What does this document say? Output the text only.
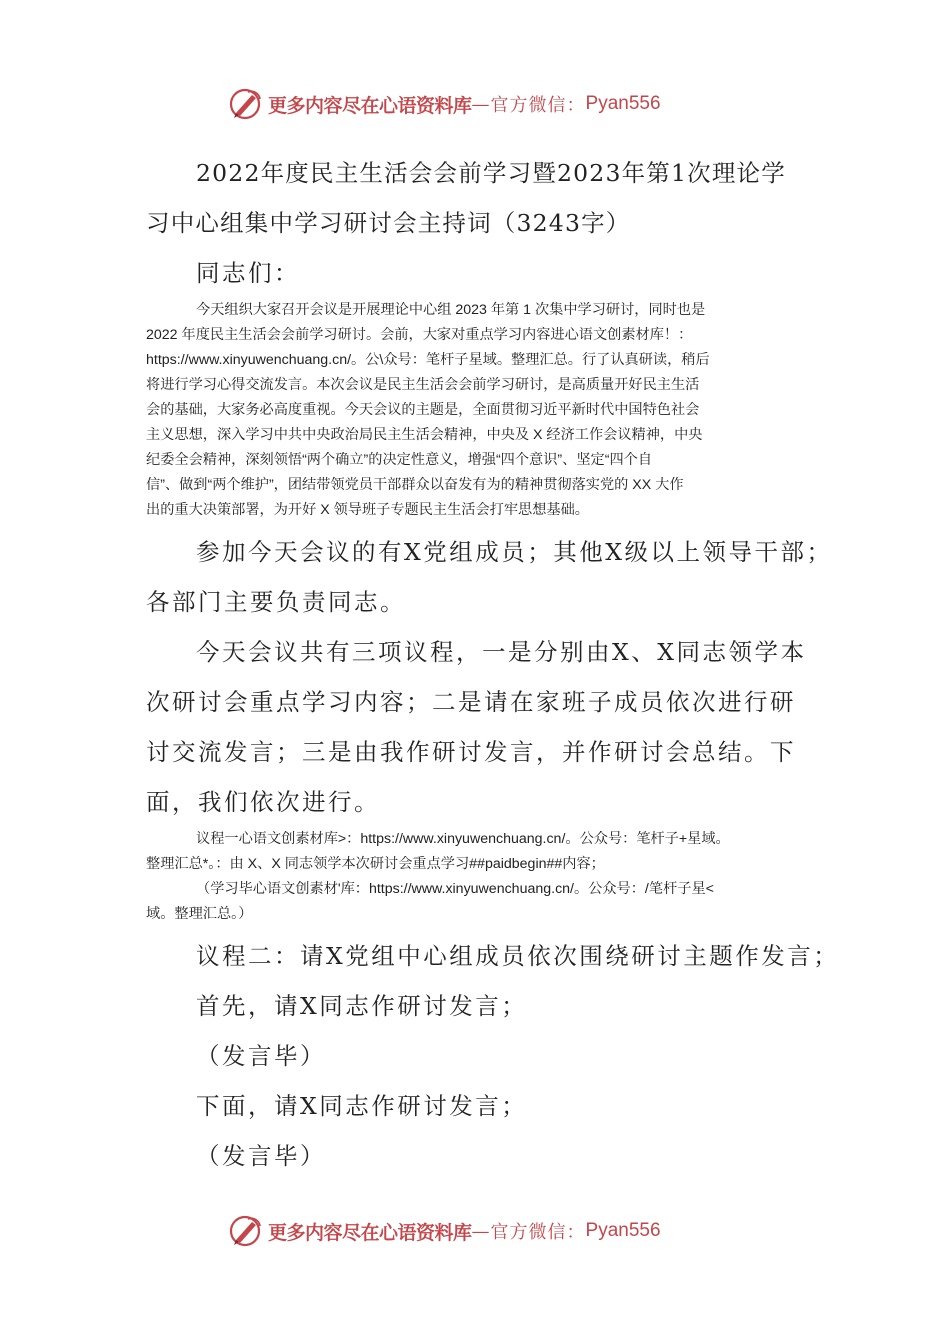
更多内容尽在心语资料库 — 官方微信： Pyan556

2022年度民主生活会会前学习暨2023年第1次理论学

习中心组集中学习研讨会主持词（3243字）

同志们：

今天组织大家召开会议是开展理论中心组 2023 年第 1 次集中学习研讨，同时也是

2022 年度民主生活会会前学习研讨。会前，大家对重点学习内容进心语文创素材库！：

https://www.xinyuwenchuang.cn/。公\众号：笔杆子星域。整理汇总。行了认真研读，稍后

将进行学习心得交流发言。本次会议是民主生活会会前学习研讨，是高质量开好民主生活

会的基础，大家务必高度重视。今天会议的主题是，全面贯彻习近平新时代中国特色社会

主义思想，深入学习中共中央政治局民主生活会精神，中央及 X 经济工作会议精神，中央

纪委全会精神，深刻领悟“两个确立”的决定性意义，增强“四个意识”、坚定“四个自

信”、做到“两个维护”，团结带领党员干部群众以奋发有为的精神贯彻落实党的 XX 大作

出的重大决策部署，为开好 X 领导班子专题民主生活会打牢思想基础。

参加今天会议的有X党组成员；其他X级以上领导干部；

各部门主要负责同志。

今天会议共有三项议程，一是分别由X、X同志领学本

次研讨会重点学习内容；二是请在家班子成员依次进行研

讨交流发言；三是由我作研讨发言，并作研讨会总结。下

面，我们依次进行。

议程一心语文创素材库>：https://www.xinyuwenchuang.cn/。公众号：笔杆子+星域。

整理汇总*。：由 X、X 同志领学本次研讨会重点学习##paidbegin##内容；

（学习毕心语文创素材'库：https://www.xinyuwenchuang.cn/。公众号：/笔杆子星<

域。整理汇总。）

议程二：请X党组中心组成员依次围绕研讨主题作发言；

首先，请X同志作研讨发言；

（发言毕）

下面，请X同志作研讨发言；

（发言毕）

更多内容尽在心语资料库 — 官方微信： Pyan556
